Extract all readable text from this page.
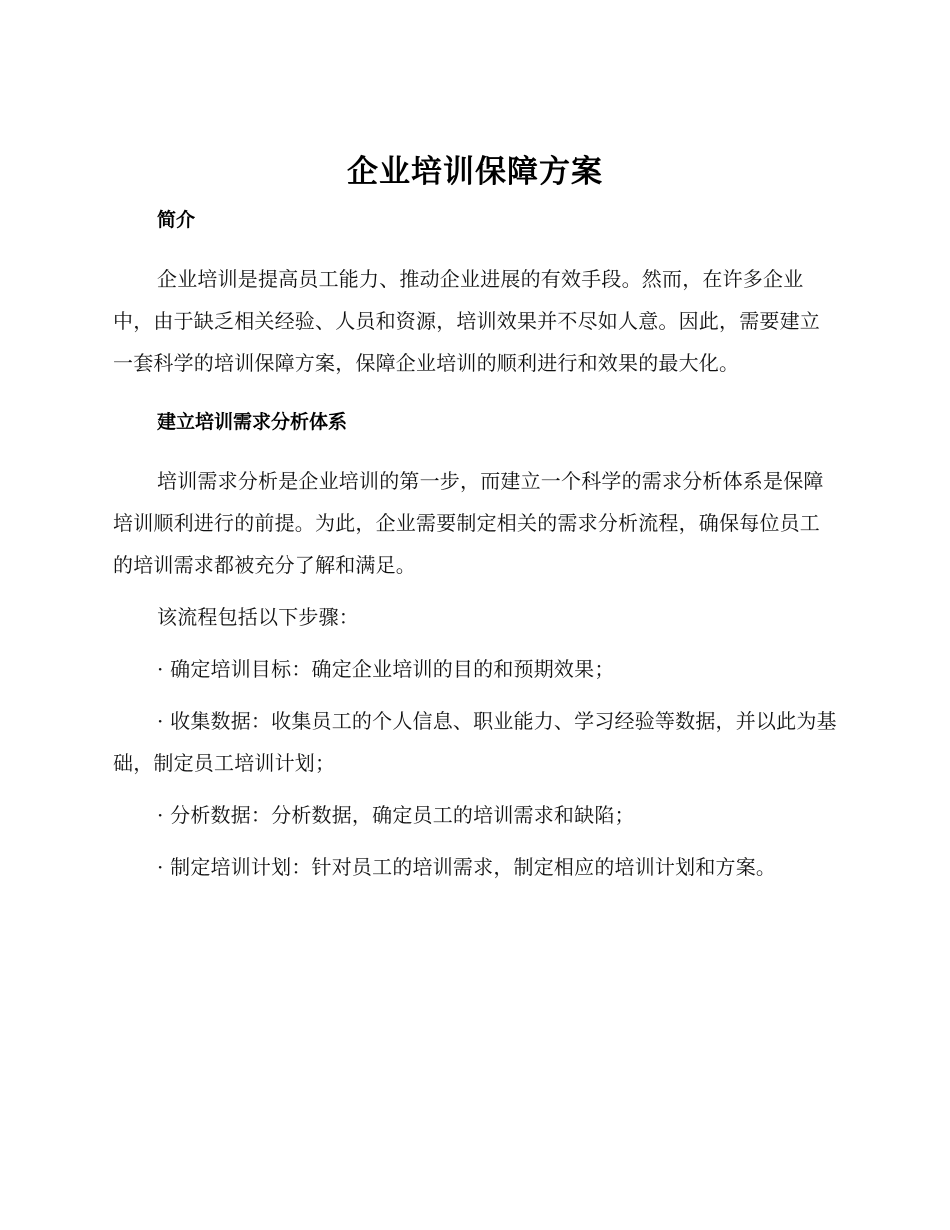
企业培训保障方案
简介
企业培训是提高员工能力、推动企业进展的有效手段。然而，在许多企业中，由于缺乏相关经验、人员和资源，培训效果并不尽如人意。因此，需要建立一套科学的培训保障方案，保障企业培训的顺利进行和效果的最大化。
建立培训需求分析体系
培训需求分析是企业培训的第一步，而建立一个科学的需求分析体系是保障培训顺利进行的前提。为此，企业需要制定相关的需求分析流程，确保每位员工的培训需求都被充分了解和满足。
该流程包括以下步骤：
· 确定培训目标：确定企业培训的目的和预期效果；
· 收集数据：收集员工的个人信息、职业能力、学习经验等数据，并以此为基础，制定员工培训计划；
· 分析数据：分析数据，确定员工的培训需求和缺陷；
· 制定培训计划：针对员工的培训需求，制定相应的培训计划和方案。
